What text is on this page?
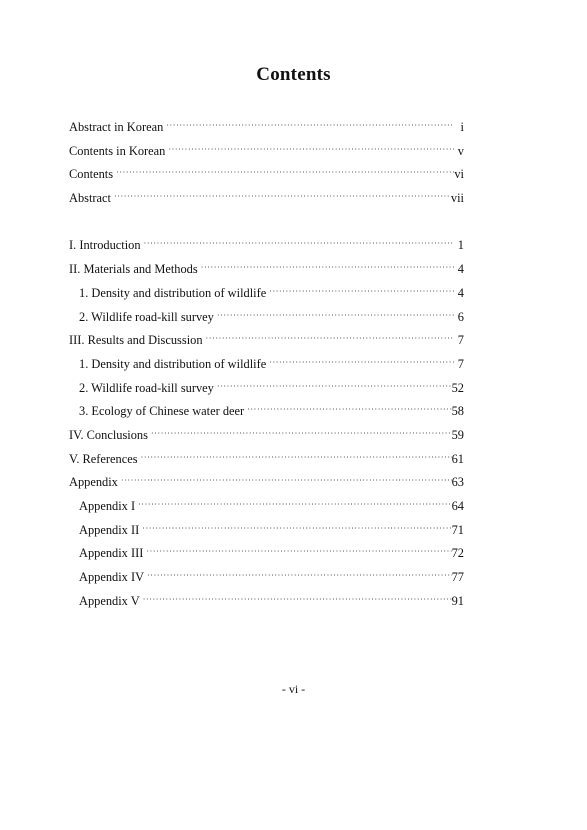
Contents
Abstract in Korean ·····	i
Contents in Korean ·····	v
Contents ·····	vi
Abstract ·····	vii
I. Introduction ·····	1
II. Materials and Methods ·····	4
1. Density and distribution of wildlife ·····	4
2. Wildlife road-kill survey ·····	6
III. Results and Discussion ·····	7
1. Density and distribution of wildlife ·····	7
2. Wildlife road-kill survey ·····	52
3. Ecology of Chinese water deer ·····	58
IV. Conclusions ·····	59
V. References ·····	61
Appendix ·····	63
Appendix I ·····	64
Appendix II ·····	71
Appendix III ·····	72
Appendix IV ·····	77
Appendix V ·····	91
- vi -
